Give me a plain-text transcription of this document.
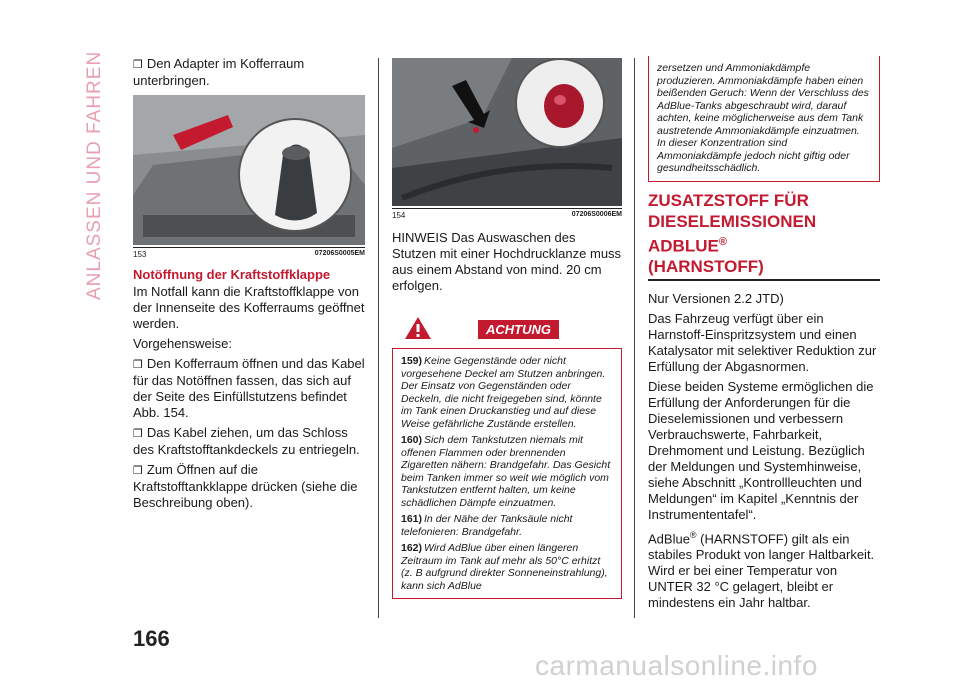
ANLASSEN UND FAHREN

❒	Den Adapter im Kofferraum unterbringen.

153	07206S0005EM
Notöffnung der Kraftstoffklappe

Im Notfall kann die Kraftstoffklappe von der Innenseite des Kofferraums geöffnet werden.

Vorgehensweise:

❒ Den Kofferraum öffnen und das Kabel für das Notöffnen fassen, das sich auf der Seite des Einfüllstutzens befindet Abb. 154.

❒ Das Kabel ziehen, um das Schloss des Kraftstofftankdeckels zu entriegeln.

❒ Zum Öffnen auf die Kraftstofftankklappe drücken (siehe die Beschreibung oben).

154	07206S0006EM

HINWEIS Das Auswaschen des Stutzen mit einer Hochdrucklanze muss aus einem Abstand von mind. 20 cm erfolgen.

ACHTUNG

159) Keine Gegenstände oder nicht vorgesehene Deckel am Stutzen anbringen. Der Einsatz von Gegenständen oder Deckeln, die nicht freigegeben sind, könnte im Tank einen Druckanstieg und auf diese Weise gefährliche Zustände erstellen.

160) Sich dem Tankstutzen niemals mit offenen Flammen oder brennenden Zigaretten nähern: Brandgefahr. Das Gesicht beim Tanken immer so weit wie möglich vom Tankstutzen entfernt halten, um keine schädlichen Dämpfe einzuatmen.

161) In der Nähe der Tanksäule nicht telefonieren: Brandgefahr.

162) Wird AdBlue über einen längeren Zeitraum im Tank auf mehr als 50°C erhitzt (z. B aufgrund direkter Sonneneinstrahlung), kann sich AdBlue

zersetzen und Ammoniakdämpfe produzieren. Ammoniakdämpfe haben einen beißenden Geruch: Wenn der Verschluss des AdBlue-Tanks abgeschraubt wird, darauf achten, keine möglicherweise aus dem Tank austretende Ammoniakdämpfe einzuatmen. In dieser Konzentration sind Ammoniakdämpfe jedoch nicht giftig oder gesundheitsschädlich.

ZUSATZSTOFF FÜR
DIESELEMISSIONEN ADBLUE®
(HARNSTOFF)

Nur Versionen 2.2 JTD)

Das Fahrzeug verfügt über ein Harnstoff-Einspritzsystem und einen Katalysator mit selektiver Reduktion zur Erfüllung der Abgasnormen.

Diese beiden Systeme ermöglichen die Erfüllung der Anforderungen für die Dieselemissionen und verbessern Verbrauchswerte, Fahrbarkeit, Drehmoment und Leistung. Bezüglich der Meldungen und Systemhinweise, siehe Abschnitt „Kontrollleuchten und Meldungen“ im Kapitel „Kenntnis der Instrumententafel“.

AdBlue® (HARNSTOFF) gilt als ein stabiles Produkt von langer Haltbarkeit. Wird er bei einer Temperatur von UNTER 32 °C gelagert, bleibt er mindestens ein Jahr haltbar.

166
carmanualsonline.info
